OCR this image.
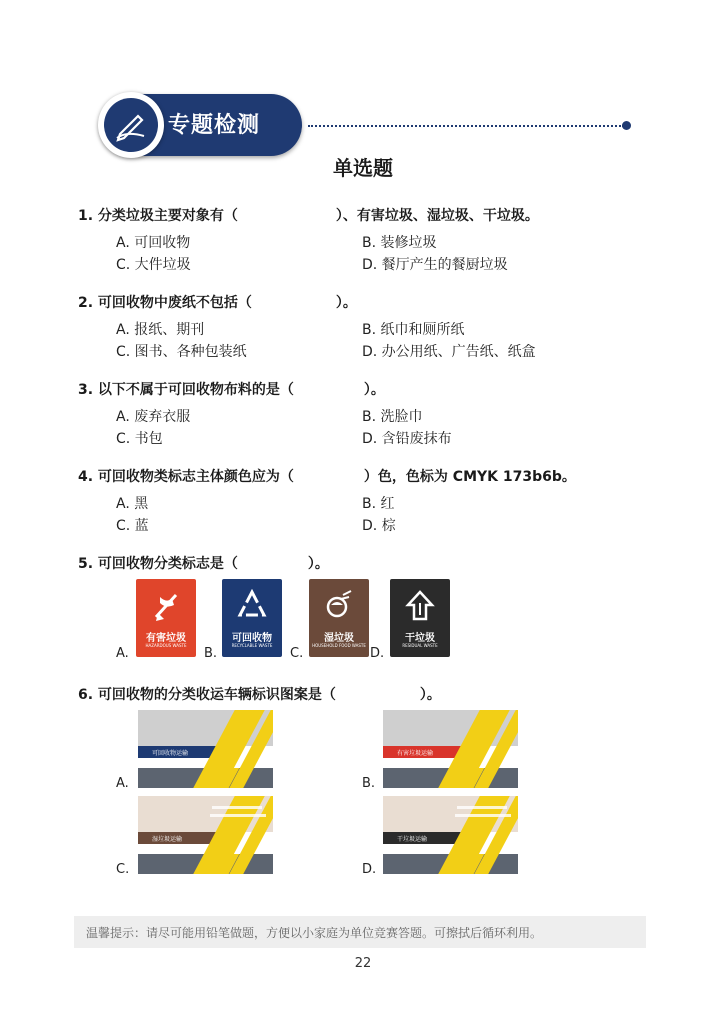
专题检测
单选题
1. 分类垃圾主要对象有（　　　　　　　）、有害垃圾、湿垃圾、干垃圾。
A. 可回收物	B. 装修垃圾
C. 大件垃圾	D. 餐厅产生的餐厨垃圾
2. 可回收物中废纸不包括（　　　　　　）。
A. 报纸、期刊	B. 纸巾和厕所纸
C. 图书、各种包装纸	D. 办公用纸、广告纸、纸盒
3. 以下不属于可回收物布料的是（　　　　　）。
A. 废弃衣服	B. 洗脸巾
C. 书包	D. 含铅废抹布
4. 可回收物类标志主体颜色应为（　　　　　）色，色标为 CMYK 173b6b。
A. 黑	B. 红
C. 蓝	D. 棕
5. 可回收物分类标志是（　　　　　）。
A.
有害垃圾
HAZARDOUS WASTE
B.
可回收物
RECYCLABLE WASTE
C.
湿垃圾
HOUSEHOLD FOOD WASTE
D.
干垃圾
RESIDUAL WASTE
6. 可回收物的分类收运车辆标识图案是（　　　　　　）。
A.
可回收物运输
B.
有害垃圾运输
C.
湿垃圾运输
D.
干垃圾运输
温馨提示：请尽可能用铅笔做题，方便以小家庭为单位竞赛答题。可擦拭后循环利用。
22
